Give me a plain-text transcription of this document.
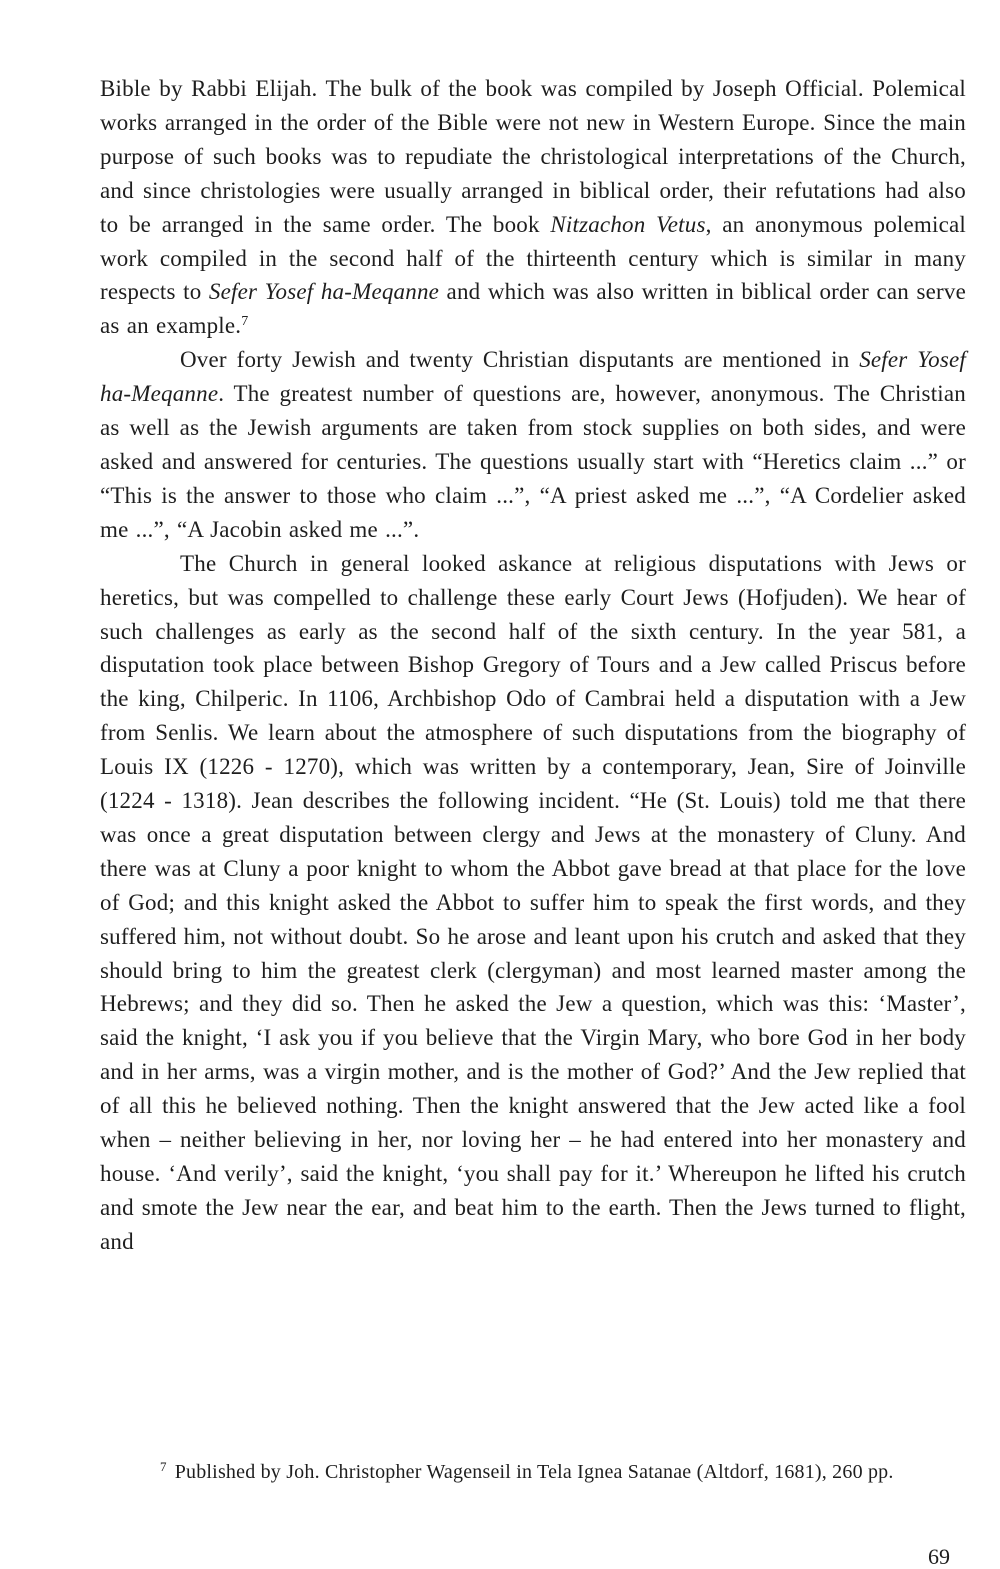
Bible by Rabbi Elijah. The bulk of the book was compiled by Joseph Official. Polemical works arranged in the order of the Bible were not new in Western Europe. Since the main purpose of such books was to repudiate the christological interpretations of the Church, and since christologies were usually arranged in biblical order, their refutations had also to be arranged in the same order. The book Nitzachon Vetus, an anonymous polemical work compiled in the second half of the thirteenth century which is similar in many respects to Sefer Yosef ha-Meqanne and which was also written in biblical order can serve as an example.$^7$

Over forty Jewish and twenty Christian disputants are mentioned in Sefer Yosef ha-Meqanne. The greatest number of questions are, however, anonymous. The Christian as well as the Jewish arguments are taken from stock supplies on both sides, and were asked and answered for centuries. The questions usually start with “Heretics claim ...” or “This is the answer to those who claim ...”, “A priest asked me ...”, “A Cordelier asked me ...”, “A Jacobin asked me ...”.

The Church in general looked askance at religious disputations with Jews or heretics, but was compelled to challenge these early Court Jews (Hofjuden). We hear of such challenges as early as the second half of the sixth century. In the year 581, a disputation took place between Bishop Gregory of Tours and a Jew called Priscus before the king, Chilperic. In 1106, Archbishop Odo of Cambrai held a disputation with a Jew from Senlis. We learn about the atmosphere of such disputations from the biography of Louis IX (1226 - 1270), which was written by a contemporary, Jean, Sire of Joinville (1224 - 1318). Jean describes the following incident. “He (St. Louis) told me that there was once a great disputation between clergy and Jews at the monastery of Cluny. And there was at Cluny a poor knight to whom the Abbot gave bread at that place for the love of God; and this knight asked the Abbot to suffer him to speak the first words, and they suffered him, not without doubt. So he arose and leant upon his crutch and asked that they should bring to him the greatest clerk (clergyman) and most learned master among the Hebrews; and they did so. Then he asked the Jew a question, which was this: ‘Master’, said the knight, ‘I ask you if you believe that the Virgin Mary, who bore God in her body and in her arms, was a virgin mother, and is the mother of God?’ And the Jew replied that of all this he believed nothing. Then the knight answered that the Jew acted like a fool when – neither believing in her, nor loving her – he had entered into her monastery and house. ‘And verily’, said the knight, ‘you shall pay for it.’ Whereupon he lifted his crutch and smote the Jew near the ear, and beat him to the earth. Then the Jews turned to flight, and

$^7$ Published by Joh. Christopher Wagenseil in Tela Ignea Satanae (Altdorf, 1681), 260 pp.
69
